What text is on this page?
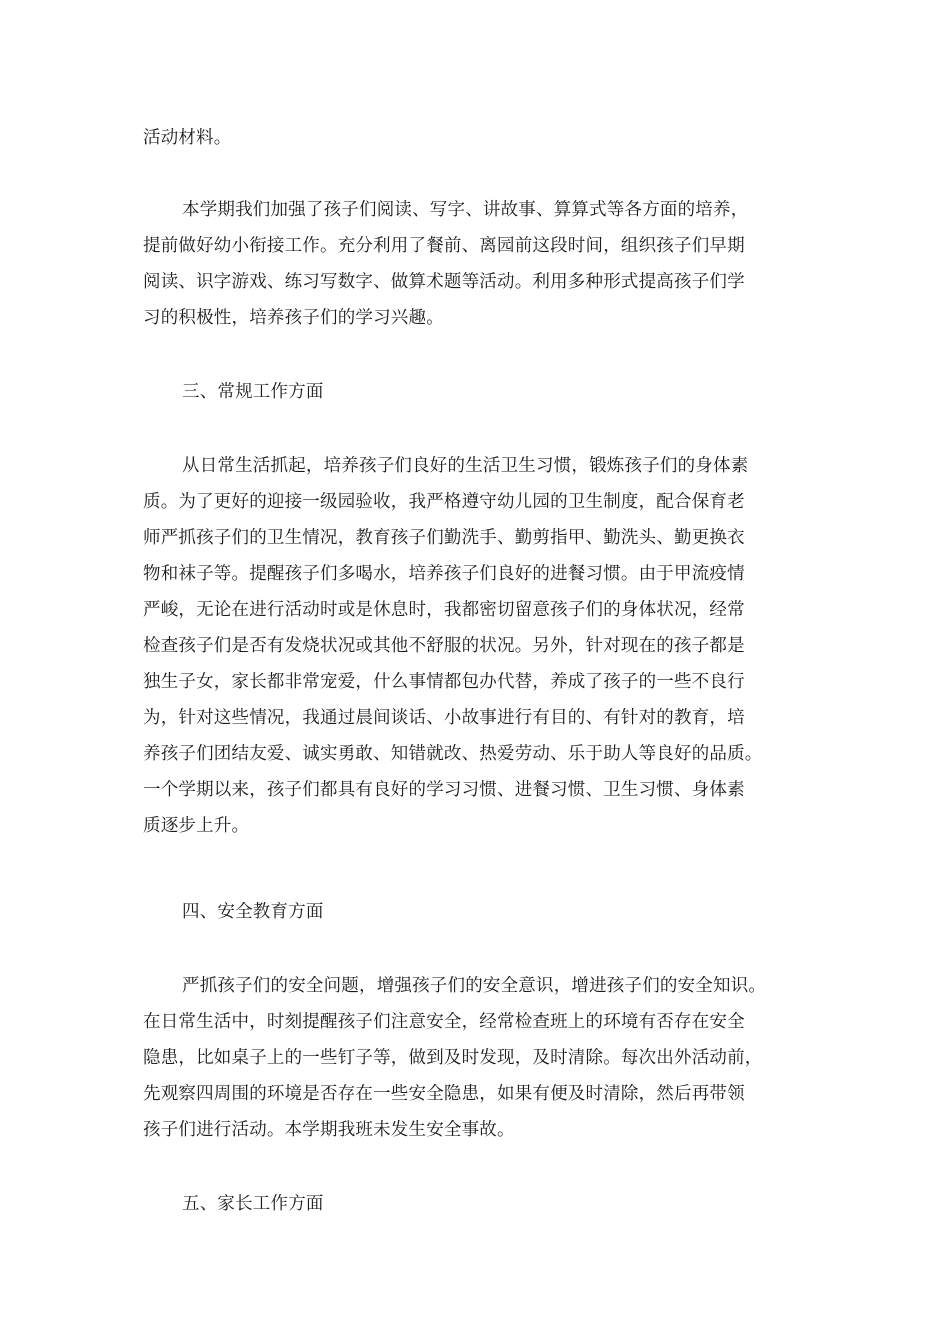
活动材料。
本学期我们加强了孩子们阅读、写字、讲故事、算算式等各方面的培养，
提前做好幼小衔接工作。充分利用了餐前、离园前这段时间，组织孩子们早期
阅读、识字游戏、练习写数字、做算术题等活动。利用多种形式提高孩子们学
习的积极性，培养孩子们的学习兴趣。
三、常规工作方面
从日常生活抓起，培养孩子们良好的生活卫生习惯，锻炼孩子们的身体素
质。为了更好的迎接一级园验收，我严格遵守幼儿园的卫生制度，配合保育老
师严抓孩子们的卫生情况，教育孩子们勤洗手、勤剪指甲、勤洗头、勤更换衣
物和袜子等。提醒孩子们多喝水，培养孩子们良好的进餐习惯。由于甲流疫情
严峻，无论在进行活动时或是休息时，我都密切留意孩子们的身体状况，经常
检查孩子们是否有发烧状况或其他不舒服的状况。另外，针对现在的孩子都是
独生子女，家长都非常宠爱，什么事情都包办代替，养成了孩子的一些不良行
为，针对这些情况，我通过晨间谈话、小故事进行有目的、有针对的教育，培
养孩子们团结友爱、诚实勇敢、知错就改、热爱劳动、乐于助人等良好的品质。
一个学期以来，孩子们都具有良好的学习习惯、进餐习惯、卫生习惯、身体素
质逐步上升。
四、安全教育方面
严抓孩子们的安全问题，增强孩子们的安全意识，增进孩子们的安全知识。
在日常生活中，时刻提醒孩子们注意安全，经常检查班上的环境有否存在安全
隐患，比如桌子上的一些钉子等，做到及时发现，及时清除。每次出外活动前，
先观察四周围的环境是否存在一些安全隐患，如果有便及时清除，然后再带领
孩子们进行活动。本学期我班未发生安全事故。
五、家长工作方面
